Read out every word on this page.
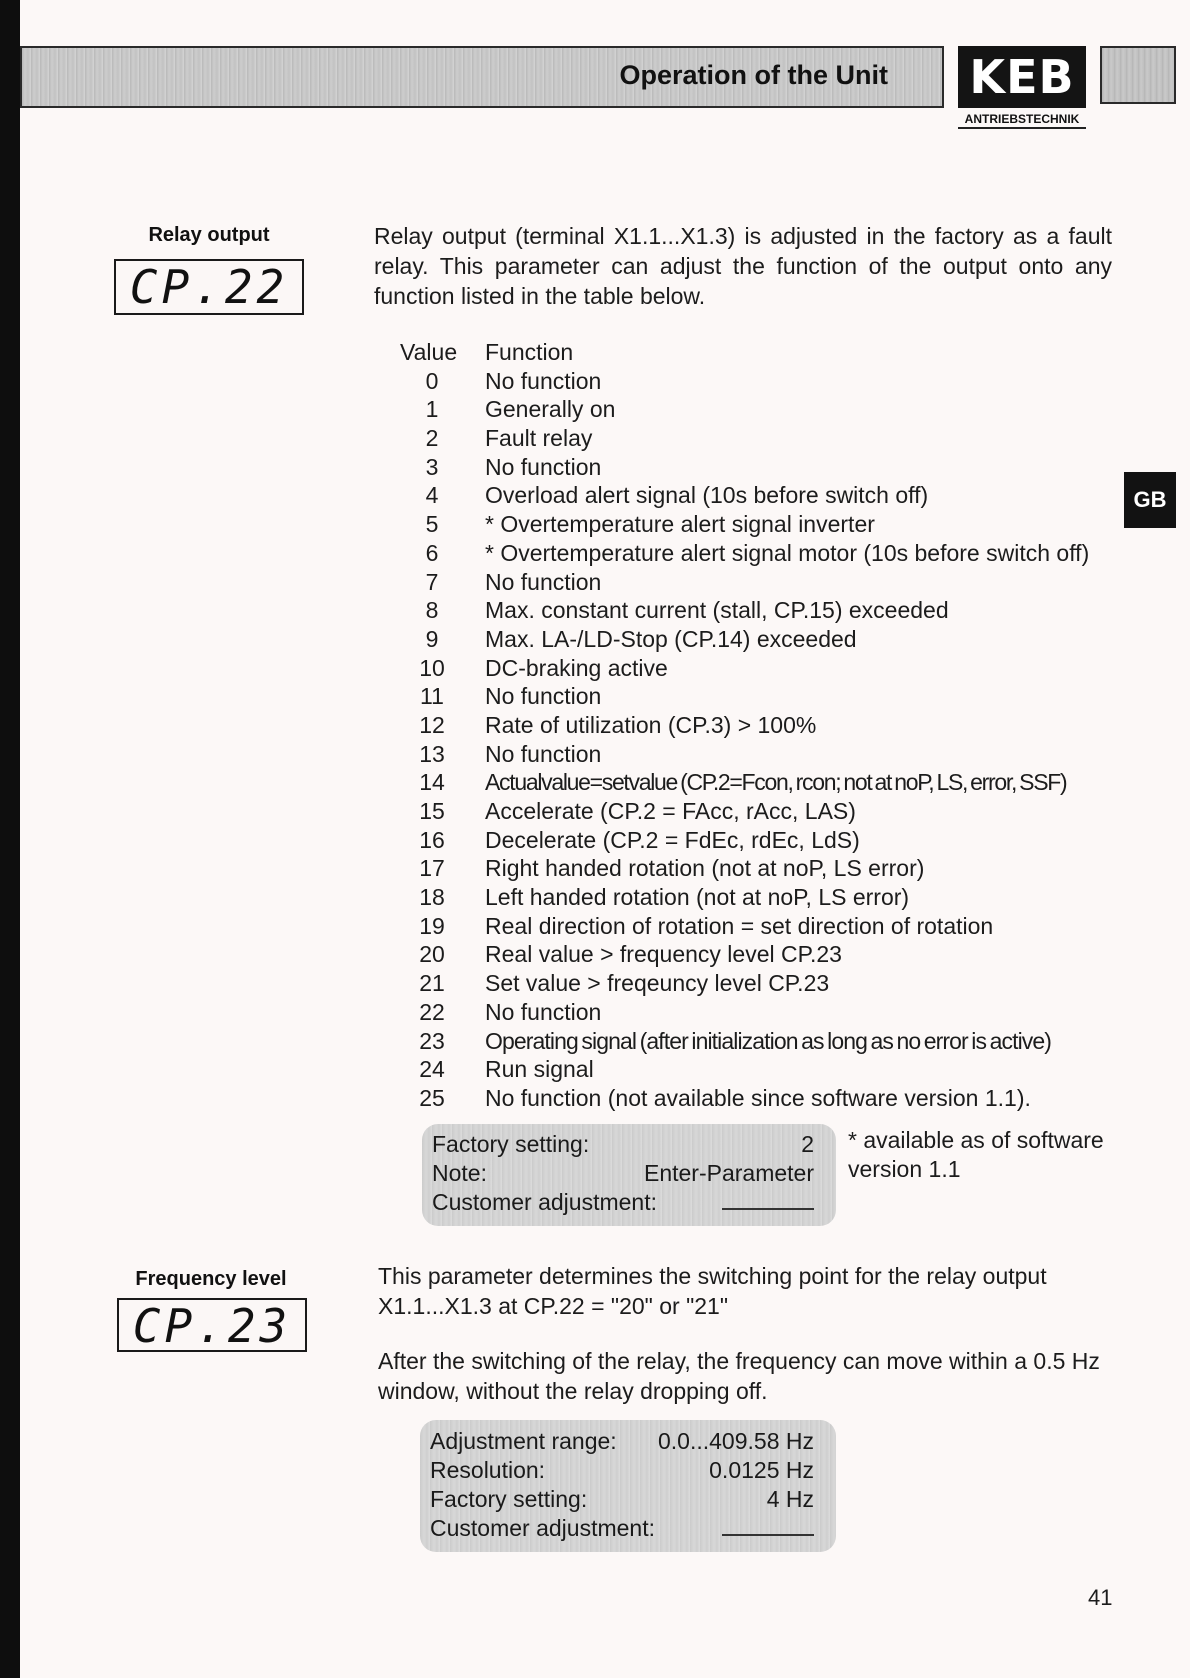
Operation of the Unit KEB
ANTRIEBSTECHNIK
GB
Relay output
CP.22
Relay output (terminal X1.1...X1.3) is adjusted in the factory as a fault relay. This parameter can adjust the function of the output onto any function listed in the table below.
Value Function
0 No function
1 Generally on
2 Fault relay
3 No function
4 Overload alert signal (10s before switch off)
5 * Overtemperature alert signal inverter
6 * Overtemperature alert signal motor (10s before switch off)
7 No function
8 Max. constant current (stall, CP.15) exceeded
9 Max. LA-/LD-Stop (CP.14) exceeded
10 DC-braking active
11 No function
12 Rate of utilization (CP.3) > 100%
13 No function
14 Actualvalue=setvalue (CP.2=Fcon, rcon; not at noP, LS, error, SSF)
15 Accelerate (CP.2 = FAcc, rAcc, LAS)
16 Decelerate (CP.2 = FdEc, rdEc, LdS)
17 Right handed rotation (not at noP, LS error)
18 Left handed rotation (not at noP, LS error)
19 Real direction of rotation = set direction of rotation
20 Real value > frequency level CP.23
21 Set value > freqeuncy level CP.23
22 No function
23 Operating signal (after initialization as long as no error is active)
24 Run signal
25 No function (not available since software version 1.1).
Factory setting:	2
Note:	Enter-Parameter
Customer adjustment:
* available as of software version 1.1
Frequency level
CP.23
This parameter determines the switching point for the relay output X1.1...X1.3 at CP.22 = "20" or "21"
After the switching of the relay, the frequency can move within a 0.5 Hz window, without the relay dropping off.
Adjustment range: 0.0...409.58 Hz
Resolution:	0.0125 Hz
Factory setting:	4 Hz
Customer adjustment:
41
